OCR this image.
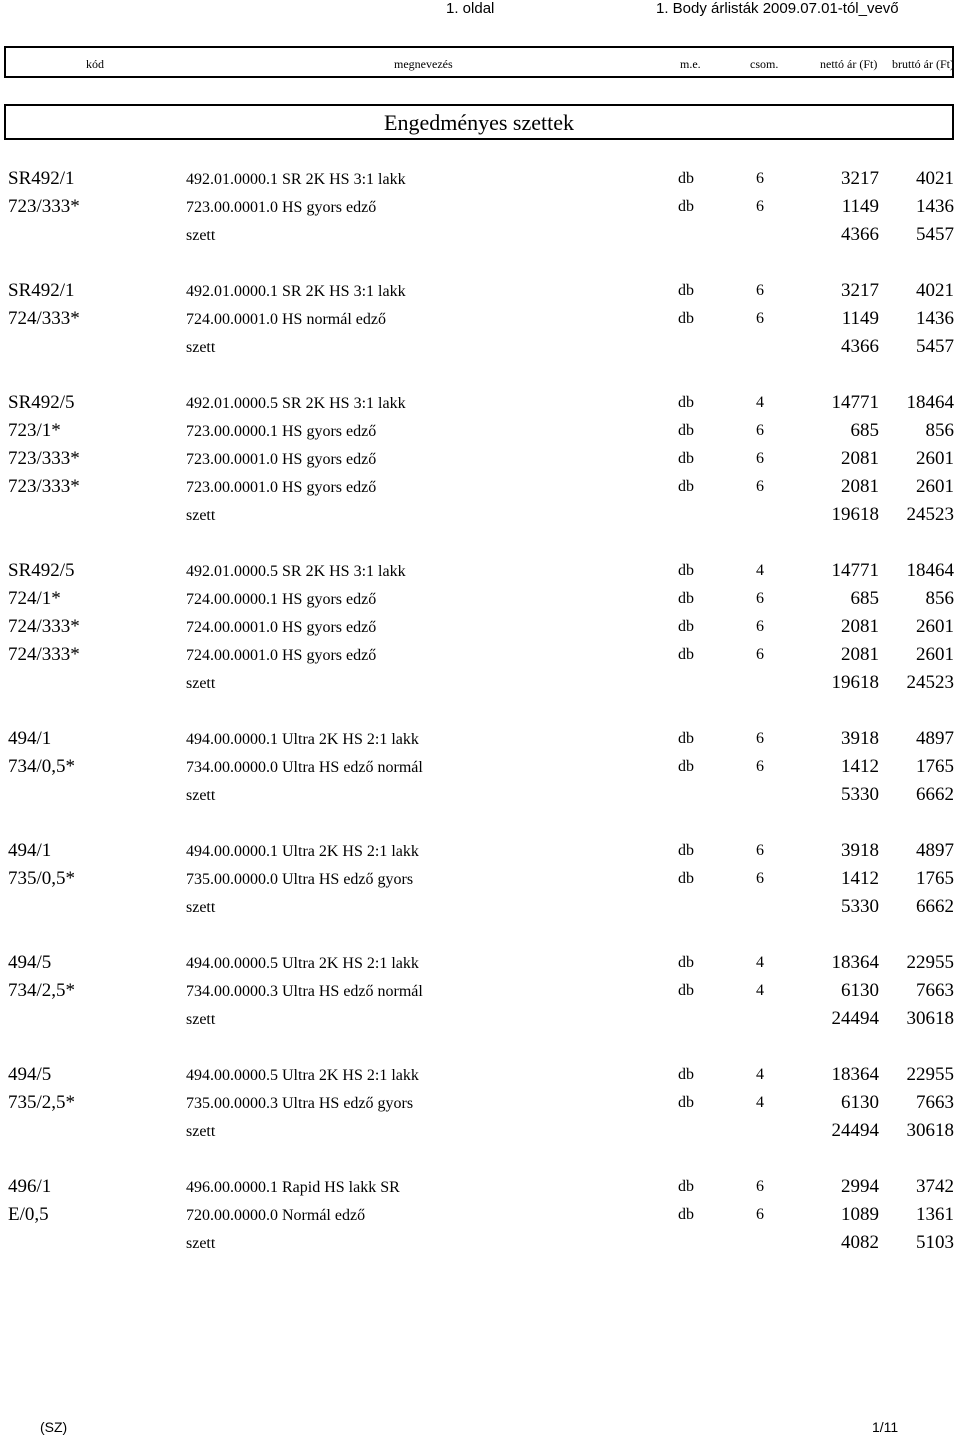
1. oldal	1. Body árlisták 2009.07.01-tól_vevő
kód	megnevezés	m.e.	csom.	nettó ár (Ft) bruttó ár (Ft)
Engedményes szettek
SR492/1	492.01.0000.1 SR 2K HS 3:1 lakk	db	6	3217 4021
723/333*	723.00.0001.0 HS gyors edző	db	6	1149 1436
szett	4366 5457
SR492/1	492.01.0000.1 SR 2K HS 3:1 lakk	db	6	3217 4021
724/333*	724.00.0001.0 HS normál edző	db	6	1149 1436
szett	4366 5457
SR492/5	492.01.0000.5 SR 2K HS 3:1 lakk	db	4	14771 18464
723/1*	723.00.0000.1 HS gyors edző	db	6	685 856
723/333*	723.00.0001.0 HS gyors edző	db	6	2081 2601
723/333*	723.00.0001.0 HS gyors edző	db	6	2081 2601
szett	19618 24523
SR492/5	492.01.0000.5 SR 2K HS 3:1 lakk	db	4	14771 18464
724/1*	724.00.0000.1 HS gyors edző	db	6	685 856
724/333*	724.00.0001.0 HS gyors edző	db	6	2081 2601
724/333*	724.00.0001.0 HS gyors edző	db	6	2081 2601
szett	19618 24523
494/1	494.00.0000.1 Ultra 2K HS 2:1 lakk	db	6	3918 4897
734/0,5*	734.00.0000.0 Ultra HS edző normál	db	6	1412 1765
szett	5330 6662
494/1	494.00.0000.1 Ultra 2K HS 2:1 lakk	db	6	3918 4897
735/0,5*	735.00.0000.0 Ultra HS edző gyors	db	6	1412 1765
szett	5330 6662
494/5	494.00.0000.5 Ultra 2K HS 2:1 lakk	db	4	18364 22955
734/2,5*	734.00.0000.3 Ultra HS edző normál	db	4	6130 7663
szett	24494 30618
494/5	494.00.0000.5 Ultra 2K HS 2:1 lakk	db	4	18364 22955
735/2,5*	735.00.0000.3 Ultra HS edző gyors	db	4	6130 7663
szett	24494 30618
496/1	496.00.0000.1 Rapid HS lakk SR	db	6	2994 3742
E/0,5	720.00.0000.0 Normál edző	db	6	1089 1361
szett	4082 5103
(SZ)	1/11
